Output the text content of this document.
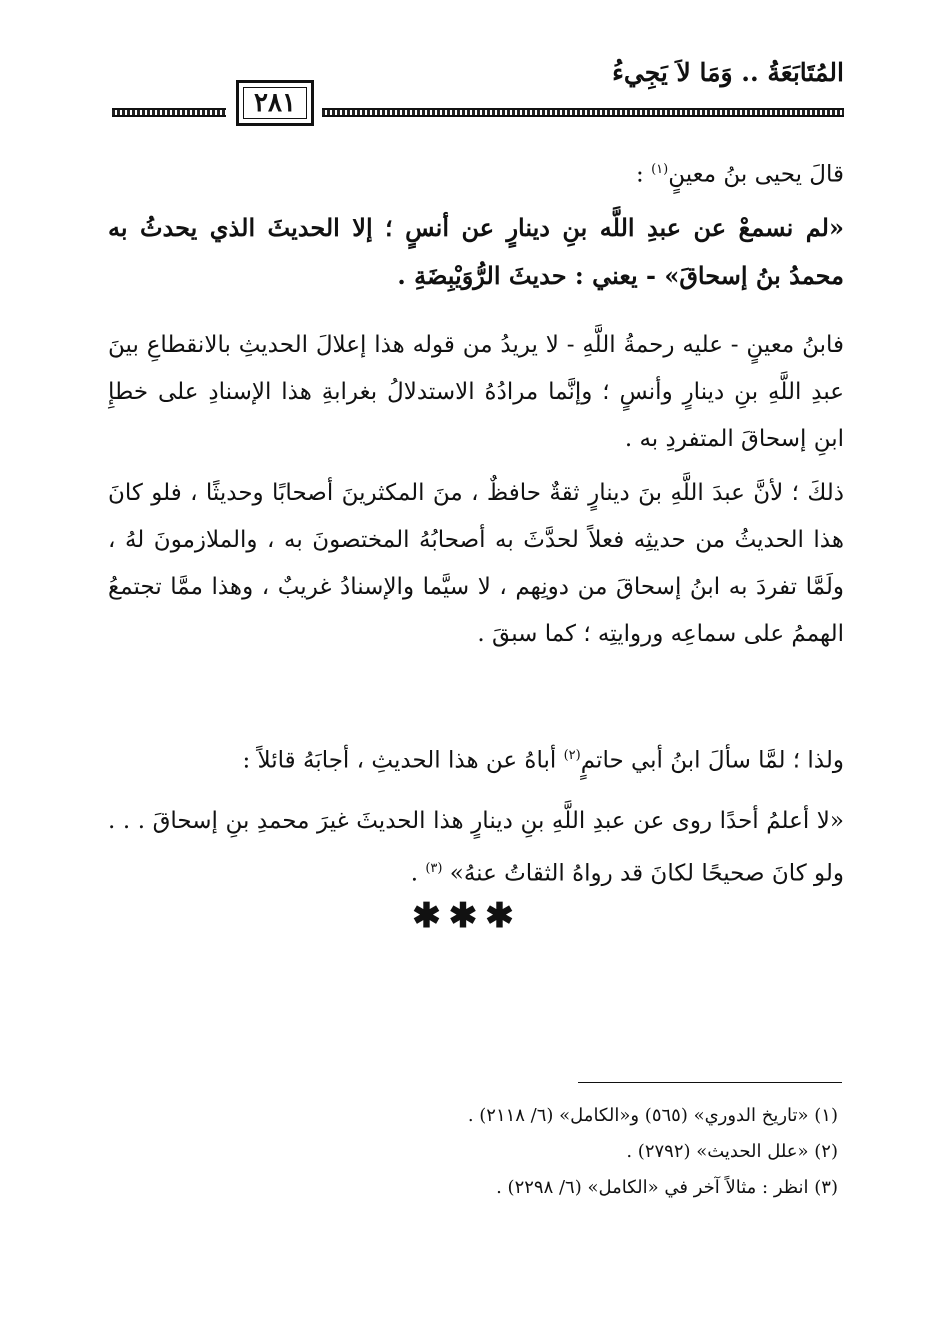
المُتَابَعَةُ .. وَمَا لاَ يَجِيءُ
٢٨١

قالَ يحيى بنُ معينٍ$^{(١)}$ :

«لم نسمعْ عن عبدِ اللَّه بنِ دينارٍ عن أنسٍ ؛ إلا الحديثَ الذي يحدثُ به محمدُ بنُ إسحاقَ» - يعني : حديثَ الرُّوَيْبِضَةِ .

فابنُ معينٍ - عليه رحمةُ اللَّهِ - لا يريدُ من قوله هذا إعلالَ الحديثِ بالانقطاعِ بينَ عبدِ اللَّهِ بنِ دينارٍ وأنسٍ ؛ وإنَّما مرادُهُ الاستدلالُ بغرابةِ هذا الإسنادِ على خطإِ ابنِ إسحاقَ المتفردِ به .

ذلكَ ؛ لأنَّ عبدَ اللَّهِ بنَ دينارٍ ثقةٌ حافظٌ ، منَ المكثرينَ أصحابًا وحديثًا ، فلو كانَ هذا الحديثُ من حديثِه فعلاً لحدَّثَ به أصحابُهُ المختصونَ به ، والملازمونَ لهُ ، ولَمَّا تفردَ به ابنُ إسحاقَ من دونِهم ، لا سيَّما والإسنادُ غريبٌ ، وهذا ممَّا تجتمعُ الهممُ على سماعِه وروايتِه ؛ كما سبقَ .

ولذا ؛ لمَّا سألَ ابنُ أبي حاتمٍ$^{(٢)}$ أباهُ عن هذا الحديثِ ، أجابَهُ قائلاً :

«لا أعلمُ أحدًا روى عن عبدِ اللَّهِ بنِ دينارٍ هذا الحديثَ غيرَ محمدِ بنِ إسحاقَ . . . ولو كانَ صحيحًا لكانَ قد رواهُ الثقاتُ عنهُ» $^{(٣)}$ .

✱✱✱
(١) «تاريخ الدوري» (٥٦٥) و«الكامل» (٦/ ٢١١٨) .
(٢) «علل الحديث» (٢٧٩٢) .
(٣) انظر : مثالاً آخر في «الكامل» (٦/ ٢٢٩٨) .
